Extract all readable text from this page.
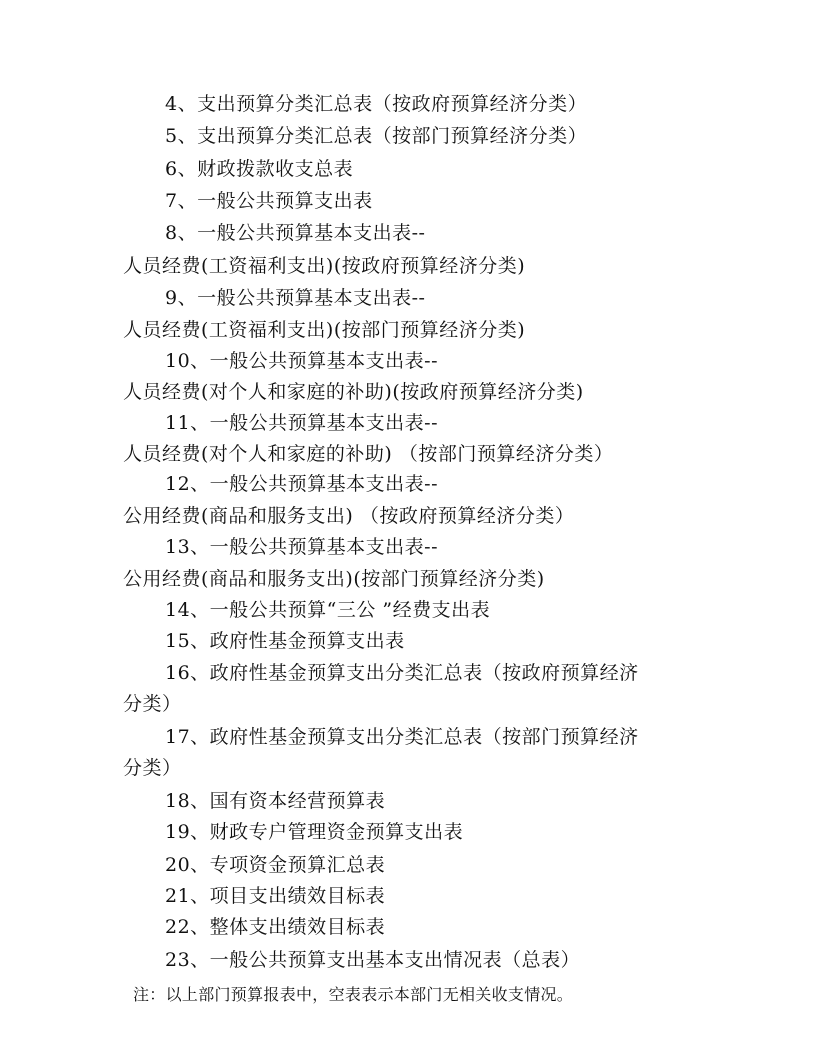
4、支出预算分类汇总表（按政府预算经济分类）
5、支出预算分类汇总表（按部门预算经济分类）
6、财政拨款收支总表
7、一般公共预算支出表
8、一般公共预算基本支出表--
人员经费(工资福利支出)(按政府预算经济分类)
9、一般公共预算基本支出表--
人员经费(工资福利支出)(按部门预算经济分类)
10、一般公共预算基本支出表--
人员经费(对个人和家庭的补助)(按政府预算经济分类)
11、一般公共预算基本支出表--
人员经费(对个人和家庭的补助) （按部门预算经济分类）
12、一般公共预算基本支出表--
公用经费(商品和服务支出) （按政府预算经济分类）
13、一般公共预算基本支出表--
公用经费(商品和服务支出)(按部门预算经济分类)
14、一般公共预算“三公 ”经费支出表
15、政府性基金预算支出表
16、政府性基金预算支出分类汇总表（按政府预算经济
分类）
17、政府性基金预算支出分类汇总表（按部门预算经济
分类）
18、国有资本经营预算表
19、财政专户管理资金预算支出表
20、专项资金预算汇总表
21、项目支出绩效目标表
22、整体支出绩效目标表
23、一般公共预算支出基本支出情况表（总表）
注：以上部门预算报表中，空表表示本部门无相关收支情况。
